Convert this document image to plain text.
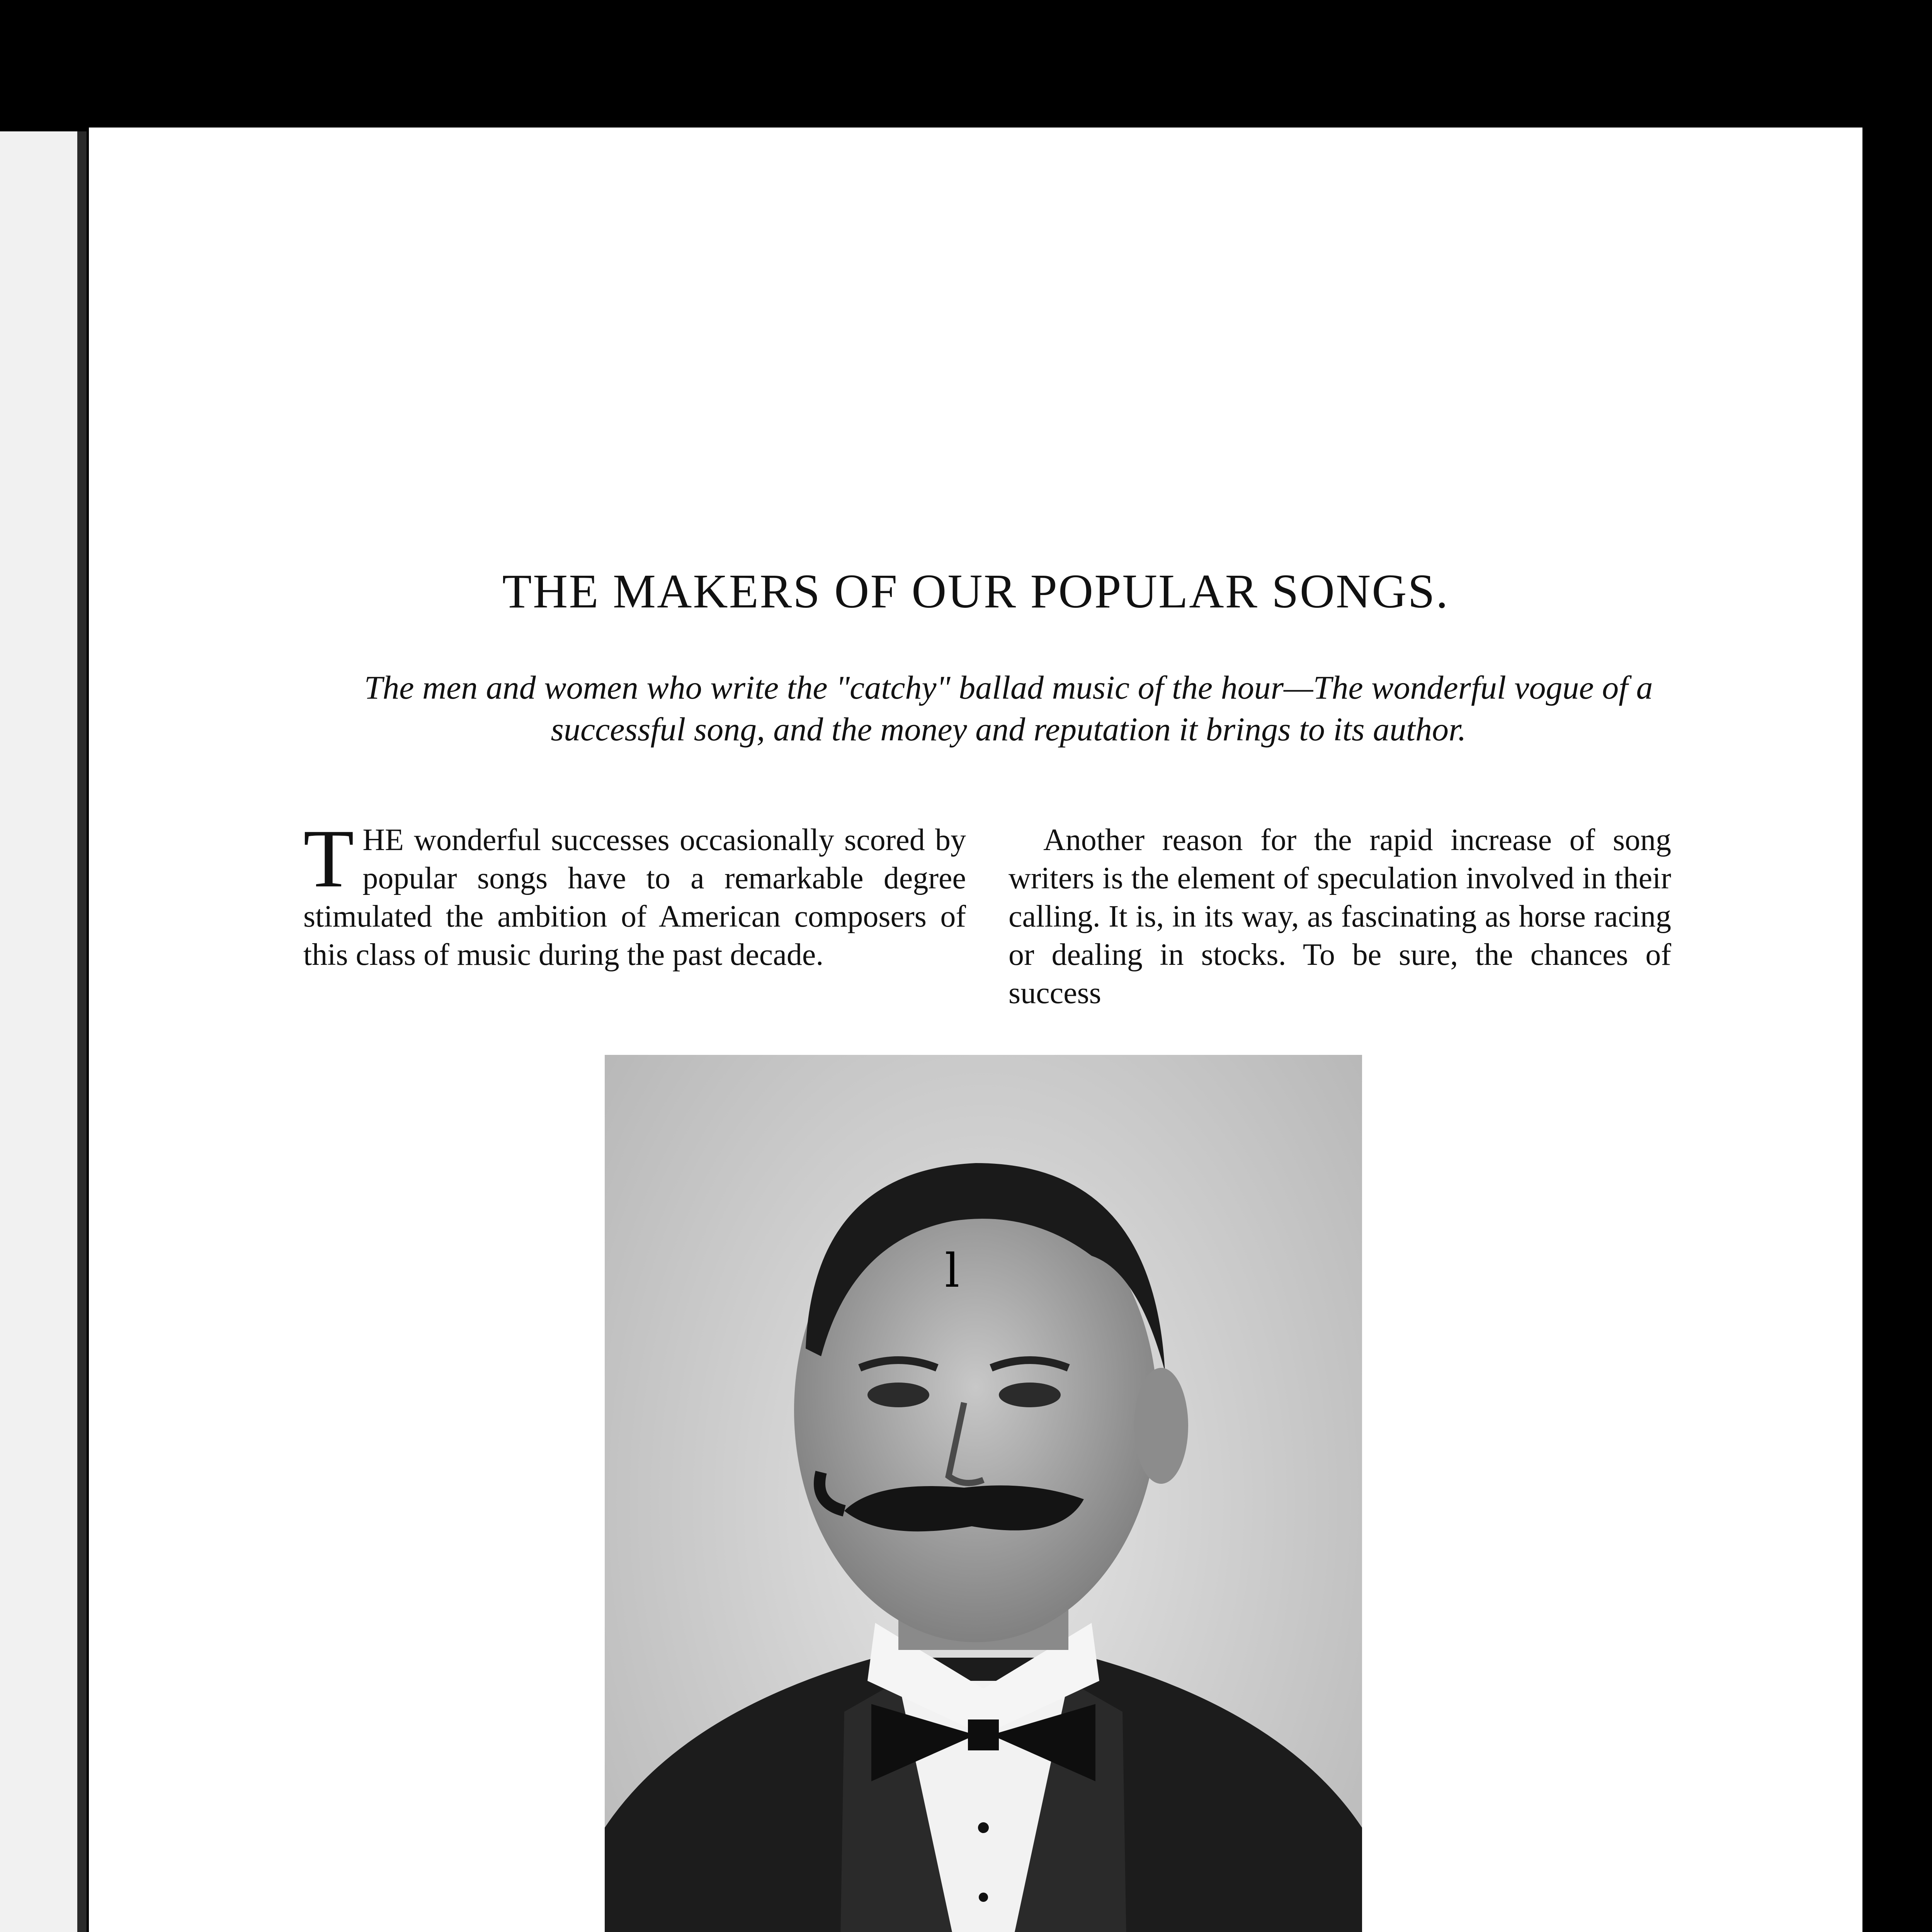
THE MAKERS OF OUR POPULAR SONGS.

The men and women who write the "catchy" ballad music of the hour—The wonderful vogue of a successful song, and the money and reputation it brings to its author.

THE wonderful successes occasionally scored by popular songs have to a remarkable degree stimulated the ambition of American composers of this class of music during the past decade.

Another reason for the rapid increase of song writers is the element of speculation involved in their calling. It is, in its way, as fascinating as horse racing or dealing in stocks. To be sure, the chances of success

l
